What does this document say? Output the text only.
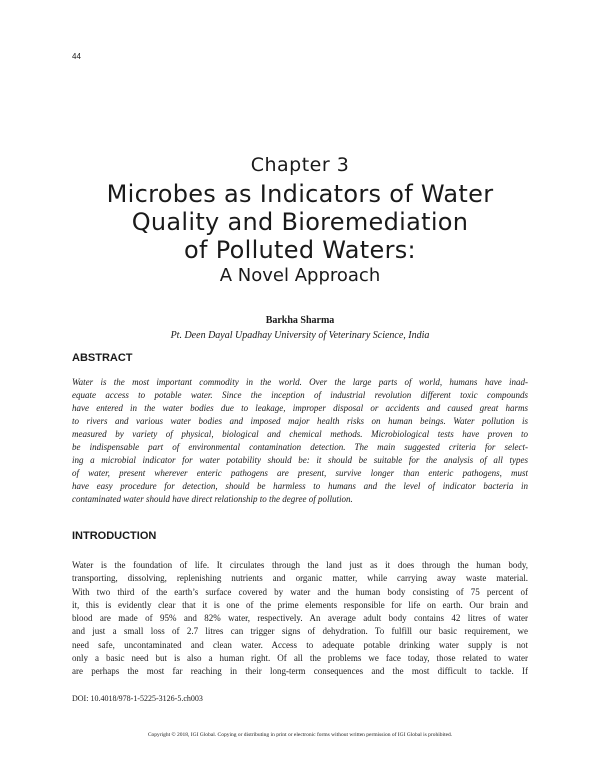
44
Chapter 3
Microbes as Indicators of Water
Quality and Bioremediation
of Polluted Waters:
A Novel Approach
Barkha Sharma
Pt. Deen Dayal Upadhay University of Veterinary Science, India
ABSTRACT
Water is the most important commodity in the world. Over the large parts of world, humans have inad-
equate access to potable water. Since the inception of industrial revolution different toxic compounds
have entered in the water bodies due to leakage, improper disposal or accidents and caused great harms
to rivers and various water bodies and imposed major health risks on human beings. Water pollution is
measured by variety of physical, biological and chemical methods. Microbiological tests have proven to
be indispensable part of environmental contamination detection. The main suggested criteria for select-
ing a microbial indicator for water potability should be: it should be suitable for the analysis of all types
of water, present wherever enteric pathogens are present, survive longer than enteric pathogens, must
have easy procedure for detection, should be harmless to humans and the level of indicator bacteria in
contaminated water should have direct relationship to the degree of pollution.
INTRODUCTION
Water is the foundation of life. It circulates through the land just as it does through the human body,
transporting, dissolving, replenishing nutrients and organic matter, while carrying away waste material.
With two third of the earth’s surface covered by water and the human body consisting of 75 percent of
it, this is evidently clear that it is one of the prime elements responsible for life on earth. Our brain and
blood are made of 95% and 82% water, respectively. An average adult body contains 42 litres of water
and just a small loss of 2.7 litres can trigger signs of dehydration. To fulfill our basic requirement, we
need safe, uncontaminated and clean water. Access to adequate potable drinking water supply is not
only a basic need but is also a human right. Of all the problems we face today, those related to water
are perhaps the most far reaching in their long-term consequences and the most difficult to tackle. If
DOI: 10.4018/978-1-5225-3126-5.ch003
Copyright © 2018, IGI Global. Copying or distributing in print or electronic forms without written permission of IGI Global is prohibited.
